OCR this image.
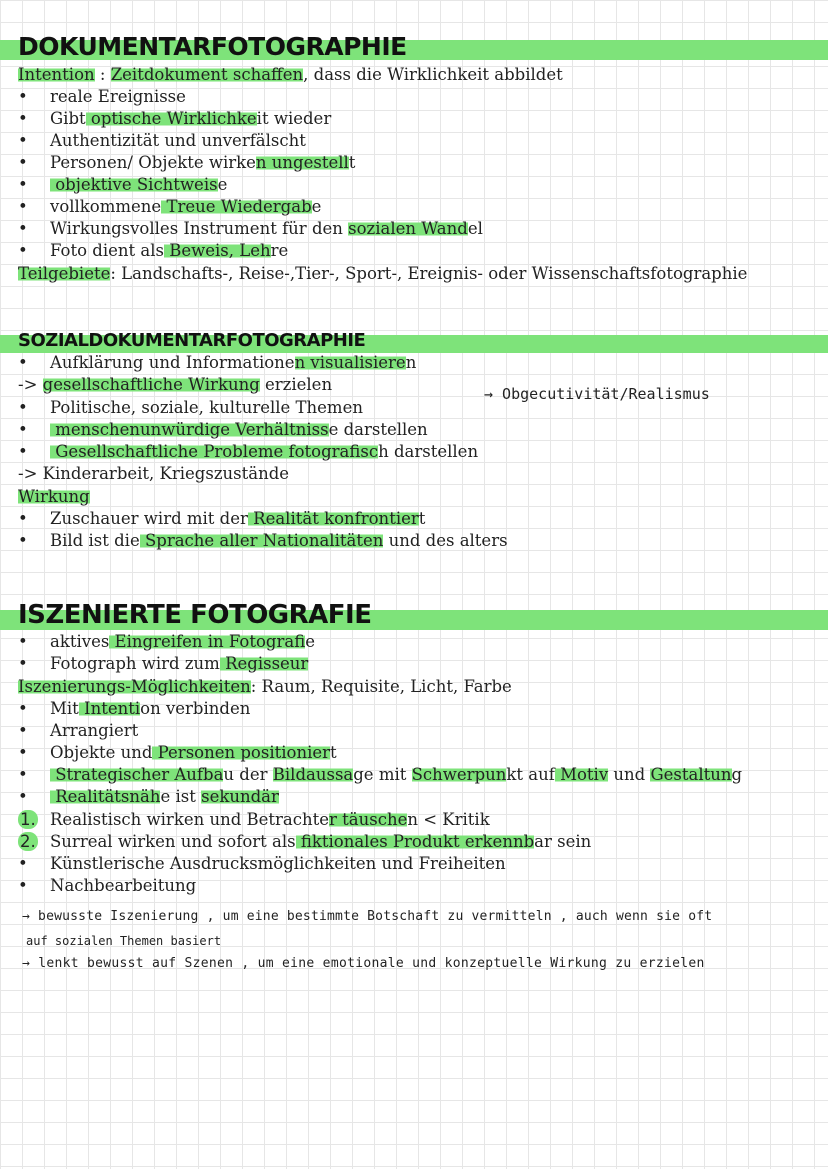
DOKUMENTARFOTOGRAPHIE
Intention : Zeitdokument schaffen, dass die Wirklichkeit abbildet
• reale Ereignisse
• Gibt optische Wirklichkeit wieder
• Authentizität und unverfälscht
• Personen/ Objekte wirken ungestellt
• objektive Sichtweise
• vollkommene Treue Wiedergabe
• Wirkungsvolles Instrument für den sozialen Wandel
• Foto dient als Beweis, Lehre
Teilgebiete: Landschafts-, Reise-,Tier-, Sport-, Ereignis- oder Wissenschaftsfotographie
SOZIALDOKUMENTARFOTOGRAPHIE
• Aufklärung und Informationen visualisieren
-> gesellschaftliche Wirkung erzielen	→ Obgecutivität/Realismus
• Politische, soziale, kulturelle Themen
• menschenunwürdige Verhältnisse darstellen
• Gesellschaftliche Probleme fotografisch darstellen
-> Kinderarbeit, Kriegszustände
Wirkung
• Zuschauer wird mit der Realität konfrontiert
• Bild ist die Sprache aller Nationalitäten und des alters
ISZENIERTE FOTOGRAFIE
• aktives Eingreifen in Fotografie
• Fotograph wird zum Regisseur
Iszenierungs-Möglichkeiten: Raum, Requisite, Licht, Farbe
• Mit Intention verbinden
• Arrangiert
• Objekte und Personen positioniert
• Strategischer Aufbau der Bildaussage mit Schwerpunkt auf Motiv und Gestaltung
• Realitätsnähe ist sekundär
1. Realistisch wirken und Betrachter täuschen < Kritik
2. Surreal wirken und sofort als fiktionales Produkt erkennbar sein
• Künstlerische Ausdrucksmöglichkeiten und Freiheiten
• Nachbearbeitung
→ bewusste Iszenierung , um eine bestimmte Botschaft zu vermitteln , auch wenn sie oft
auf sozialen Themen basiert
→ lenkt bewusst auf Szenen , um eine emotionale und konzeptuelle Wirkung zu erzielen
